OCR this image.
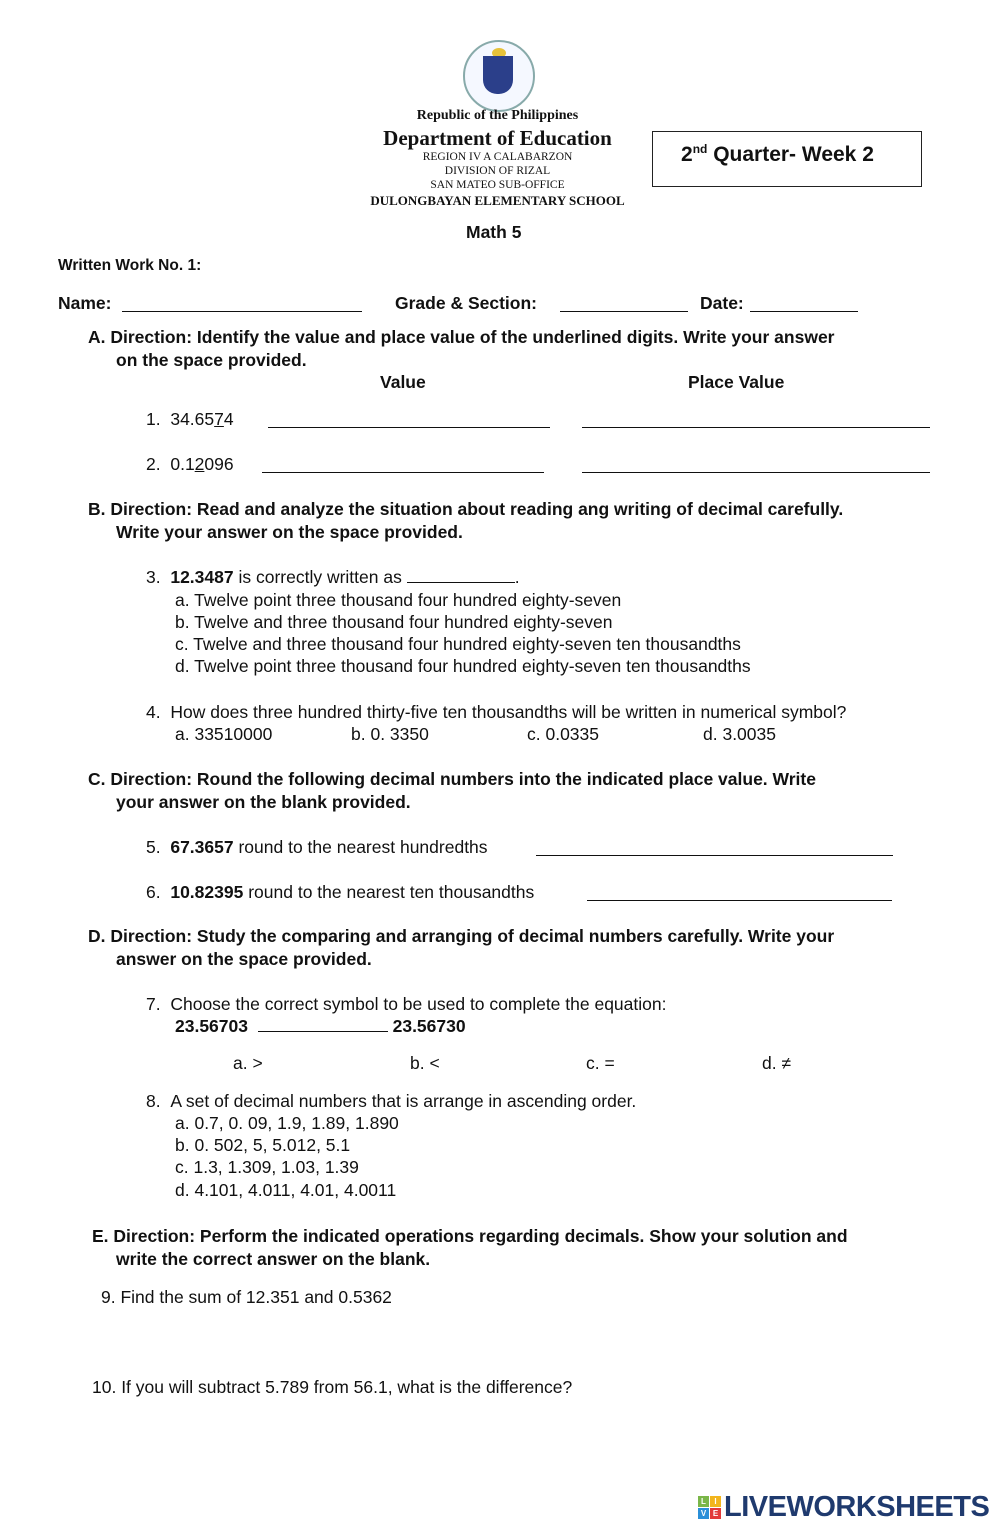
Republic of the Philippines
Department of Education
REGION IV A CALABARZON
DIVISION OF RIZAL
SAN MATEO SUB-OFFICE
DULONGBAYAN ELEMENTARY SCHOOL
Math 5
2nd Quarter- Week 2
Written Work No. 1:
Name:	Grade & Section:	Date:
A. Direction: Identify the value and place value of the underlined digits. Write your answer
on the space provided.
Value	Place Value
1. 34.6574
2. 0.12096
B. Direction: Read and analyze the situation about reading ang writing of decimal carefully.
Write your answer on the space provided.
3. 12.3487 is correctly written as	.
a. Twelve point three thousand four hundred eighty-seven
b. Twelve and three thousand four hundred eighty-seven
c. Twelve and three thousand four hundred eighty-seven ten thousandths
d. Twelve point three thousand four hundred eighty-seven ten thousandths
4. How does three hundred thirty-five ten thousandths will be written in numerical symbol?
a. 33510000	b. 0. 3350	c. 0.0335	d. 3.0035
C. Direction: Round the following decimal numbers into the indicated place value. Write
your answer on the blank provided.
5. 67.3657 round to the nearest hundredths
6. 10.82395 round to the nearest ten thousandths
D. Direction: Study the comparing and arranging of decimal numbers carefully. Write your
answer on the space provided.
7. Choose the correct symbol to be used to complete the equation:
23.56703	23.56730
a. >	b. <	c. =	d. ≠
8. A set of decimal numbers that is arrange in ascending order.
a. 0.7, 0. 09, 1.9, 1.89, 1.890
b. 0. 502, 5, 5.012, 5.1
c. 1.3, 1.309, 1.03, 1.39
d. 4.101, 4.011, 4.01, 4.0011
E. Direction: Perform the indicated operations regarding decimals. Show your solution and
write the correct answer on the blank.
9. Find the sum of 12.351 and 0.5362
10. If you will subtract 5.789 from 56.1, what is the difference?
L	I
V E LIVEWORKSHEETS
